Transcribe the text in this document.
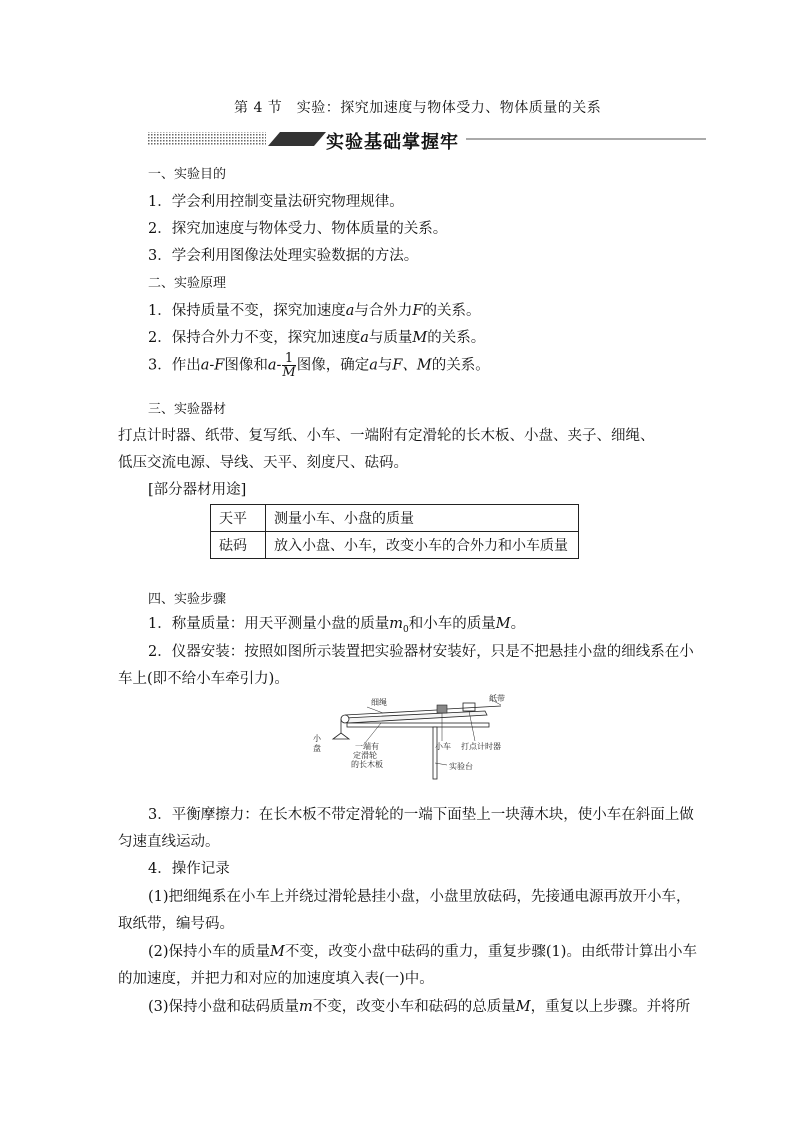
第 4 节　实验：探究加速度与物体受力、物体质量的关系
实验基础掌握牢
一、实验目的
1．学会利用控制变量法研究物理规律。
2．探究加速度与物体受力、物体质量的关系。
3．学会利用图像法处理实验数据的方法。
二、实验原理
1．保持质量不变，探究加速度a与合外力F的关系。
2．保持合外力不变，探究加速度a与质量M的关系。
3．作出a-F图像和$a- \frac{1}{M}$ 图像，确定a与F、M的关系。
三、实验器材
打点计时器、纸带、复写纸、小车、一端附有定滑轮的长木板、小盘、夹子、细绳、
低压交流电源、导线、天平、刻度尺、砝码。
[部分器材用途]
天平	测量小车、小盘的质量
砝码	放入小盘、小车，改变小车的合外力和小车质量
四、实验步骤
1．称量质量：用天平测量小盘的质量$m_0$和小车的质量M。
2．仪器安装：按照如图所示装置把实验器材安装好，只是不把悬挂小盘的细线系在小
车上(即不给小车牵引力)。
细绳	纸带
小盘	一端有 定滑轮 的长木板
小车 打点计时器
实验台
3．平衡摩擦力：在长木板不带定滑轮的一端下面垫上一块薄木块，使小车在斜面上做
匀速直线运动。
4．操作记录
(1)把细绳系在小车上并绕过滑轮悬挂小盘，小盘里放砝码，先接通电源再放开小车，
取纸带，编号码。
(2)保持小车的质量M不变，改变小盘中砝码的重力，重复步骤(1)。由纸带计算出小车
的加速度，并把力和对应的加速度填入表(一)中。
(3)保持小盘和砝码质量m不变，改变小车和砝码的总质量M，重复以上步骤。并将所
